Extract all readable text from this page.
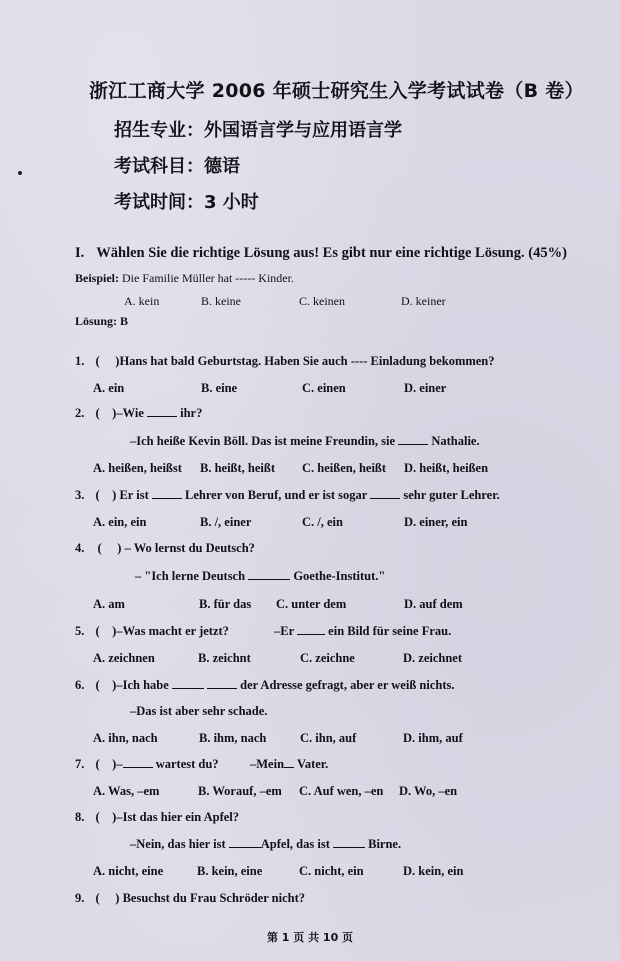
浙江工商大学 2006 年硕士研究生入学考试试卷（B 卷）
招生专业：外国语言学与应用语言学
考试科目：德语
考试时间：3 小时
I. Wählen Sie die richtige Lösung aus! Es gibt nur eine richtige Lösung. (45%)
Beispiel: Die Familie Müller hat ----- Kinder.
A. kein	B. keine	C. keinen	D. keiner
Lösung: B
1. (     )Hans hat bald Geburtstag. Haben Sie auch ---- Einladung bekommen?
A. ein	B. eine	C. einen	D. einer
2. (    )–Wie	ihr?
–Ich heiße Kevin Böll. Das ist meine Freundin, sie	Nathalie.
A. heißen, heißst B. heißt, heißt C. heißen, heißt D. heißt, heißen
3. (    ) Er ist	Lehrer von Beruf, und er ist sogar	sehr guter Lehrer.
A. ein, ein	B. /, einer	C. /, ein	D. einer, ein
4. (     ) – Wo lernst du Deutsch?
– "Ich lerne Deutsch	Goethe-Institut."
A. am	B. für das C. unter dem	D. auf dem
5. (    )–Was macht er jetzt?	–Er	ein Bild für seine Frau.
A. zeichnen	B. zeichnt	C. zeichne	D. zeichnet
6. (    )–Ich habe	der Adresse gefragt, aber er weiß nichts.
–Das ist aber sehr schade.
A. ihn, nach	B. ihm, nach	C. ihn, auf	D. ihm, auf
7. (    )–	wartest du?	–Mein Vater.
A. Was, –em	B. Worauf, –em C. Auf wen, –en D. Wo, –en
8. (    )–Ist das hier ein Apfel?
–Nein, das hier ist	Apfel, das ist	Birne.
A. nicht, eine	B. kein, eine	C. nicht, ein	D. kein, ein
9. (     ) Besuchst du Frau Schröder nicht?
第 1 页 共 10 页
